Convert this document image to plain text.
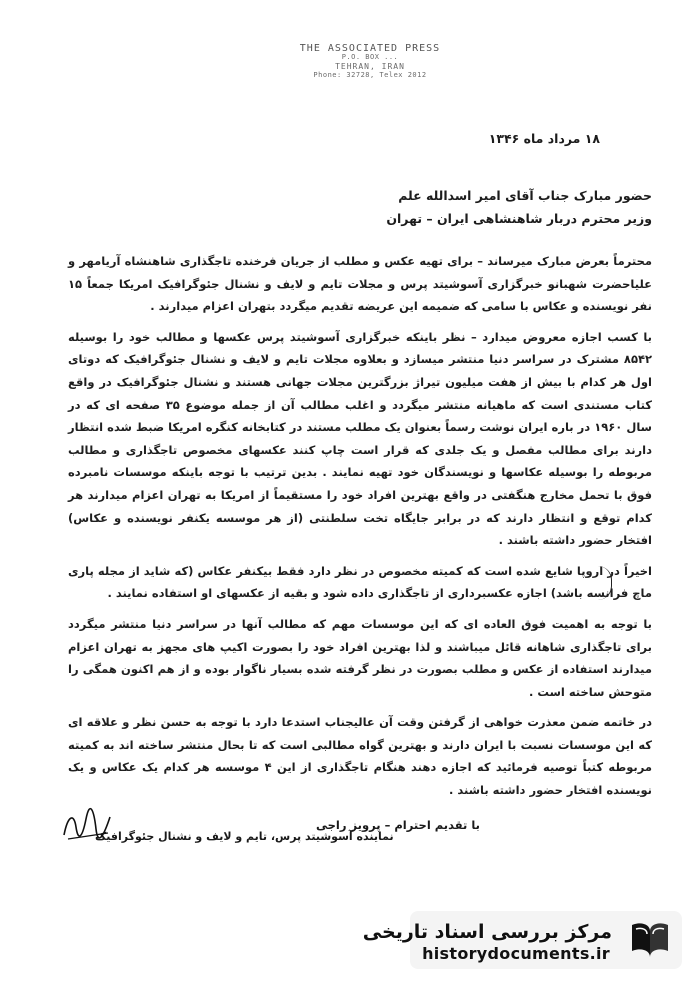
THE ASSOCIATED PRESS
P.O. BOX ...
TEHRAN, IRAN
Phone: 32728, Telex 2012
۱۸ مرداد ماه ۱۳۴۶
حضور مبارک جناب آقای امیر اسدالله علم
وزیر محترم دربار شاهنشاهی ایران – تهران

محترماً بعرض مبارک میرساند – برای تهیه عکس و مطلب از جریان فرخنده تاجگذاری شاهنشاه آریامهر و علیاحضرت شهبانو خبرگزاری آسوشیتد پرس و مجلات تایم و لایف و نشنال جئوگرافیک امریکا جمعاً ۱۵ نفر نویسنده و عکاس با سامی که ضمیمه این عریضه تقدیم میگردد بتهران اعزام میدارند .

با کسب اجازه معروض میدارد – نظر باینکه خبرگزاری آسوشیتد پرس عکسها و مطالب خود را بوسیله ۸۵۴۲ مشترک در سراسر دنیا منتشر میسازد و بعلاوه مجلات تایم و لایف و نشنال جئوگرافیک که دوتای اول هر کدام با بیش از هفت میلیون تیراژ بزرگترین مجلات جهانی هستند و نشنال جئوگرافیک در واقع کتاب مستندی است که ماهیانه منتشر میگردد و اغلب مطالب آن از جمله موضوع ۳۵ صفحه ای که در سال ۱۹۶۰ در باره ایران نوشت رسماً بعنوان یک مطلب مستند در کتابخانه کنگره امریکا ضبط شده انتظار دارند برای مطالب مفصل و یک جلدی که قرار است چاپ کنند عکسهای مخصوص تاجگذاری و مطالب مربوطه را بوسیله عکاسها و نویسندگان خود تهیه نمایند . بدین ترتیب با توجه باینکه موسسات نامبرده فوق با تحمل مخارج هنگفتی در واقع بهترین افراد خود را مستقیماً از امریکا به تهران اعزام میدارند هر کدام توقع و انتظار دارند که در برابر جایگاه تخت سلطنتی (از هر موسسه یکنفر نویسنده و عکاس) افتخار حضور داشته باشند .

اخیراً در اروپا شایع شده است که کمیته مخصوص در نظر دارد فقط بیکنفر عکاس (که شاید از مجله پاری ماچ فرانسه باشد) اجازه عکسبرداری از تاجگذاری داده شود و بقیه از عکسهای او استفاده نمایند .

با توجه به اهمیت فوق العاده ای که این موسسات مهم که مطالب آنها در سراسر دنیا منتشر میگردد برای تاجگذاری شاهانه قائل میباشند و لذا بهترین افراد خود را بصورت اکیپ های مجهز به تهران اعزام میدارند استفاده از عکس و مطلب بصورت در نظر گرفته شده بسیار ناگوار بوده و از هم اکنون همگی را متوحش ساخته است .

در خاتمه ضمن معذرت خواهی از گرفتن وقت آن عالیجناب استدعا دارد با توجه به حسن نظر و علاقه ای که این موسسات نسبت با ایران دارند و بهترین گواه مطالبی است که تا بحال منتشر ساخته اند به کمیته مربوطه کتباً توصیه فرمائید که اجازه دهند هنگام تاجگذاری از این ۴ موسسه هر کدام یک عکاس و یک نویسنده افتخار حضور داشته باشند .

با تقدیم احترام – پرویز راجی
نماینده آسوشیتد پرس، تایم و لایف و نشنال جئوگرافیک
مرکز بررسی اسناد تاریخی
historydocuments.ir
